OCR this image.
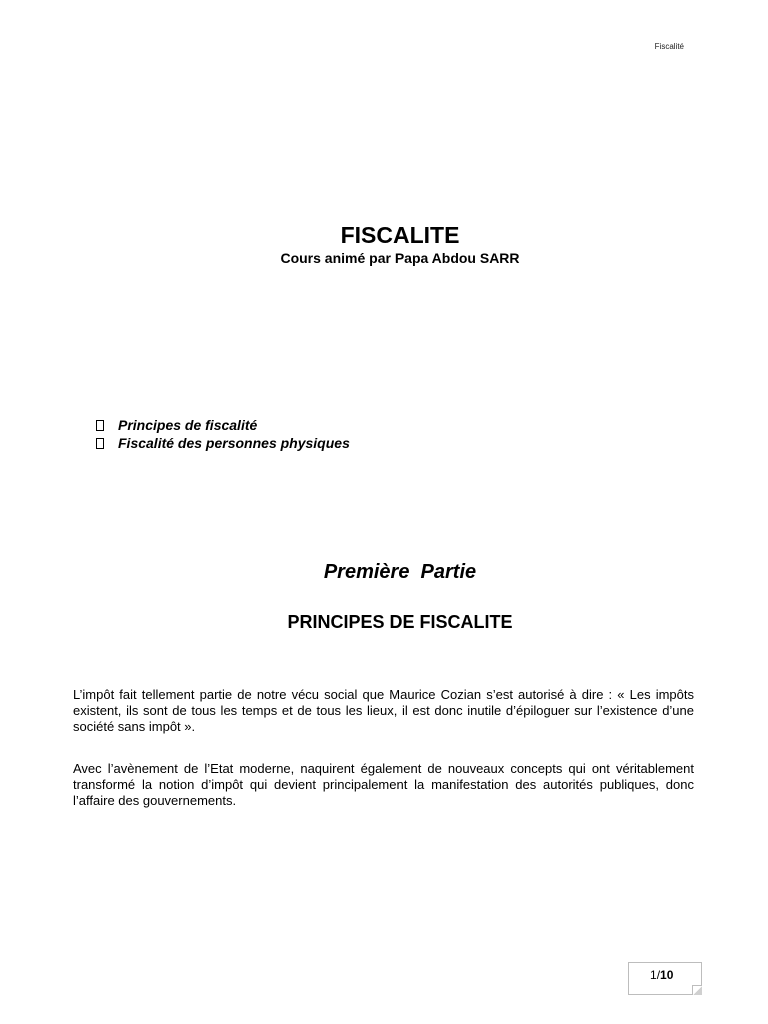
Fiscalité
FISCALITE

Cours animé par Papa Abdou SARR

Principes de fiscalité
Fiscalité des personnes physiques
Première  Partie
PRINCIPES DE FISCALITE

L’impôt fait tellement partie de notre vécu social que Maurice Cozian s’est autorisé à dire : « Les impôts existent, ils sont de tous les temps et de tous les lieux, il est donc inutile d’épiloguer sur l’existence d’une société sans impôt ».

Avec l’avènement de l’Etat moderne, naquirent également de nouveaux concepts qui ont véritablement transformé la notion d’impôt qui devient principalement la manifestation des autorités publiques, donc l’affaire des gouvernements.

1/10
